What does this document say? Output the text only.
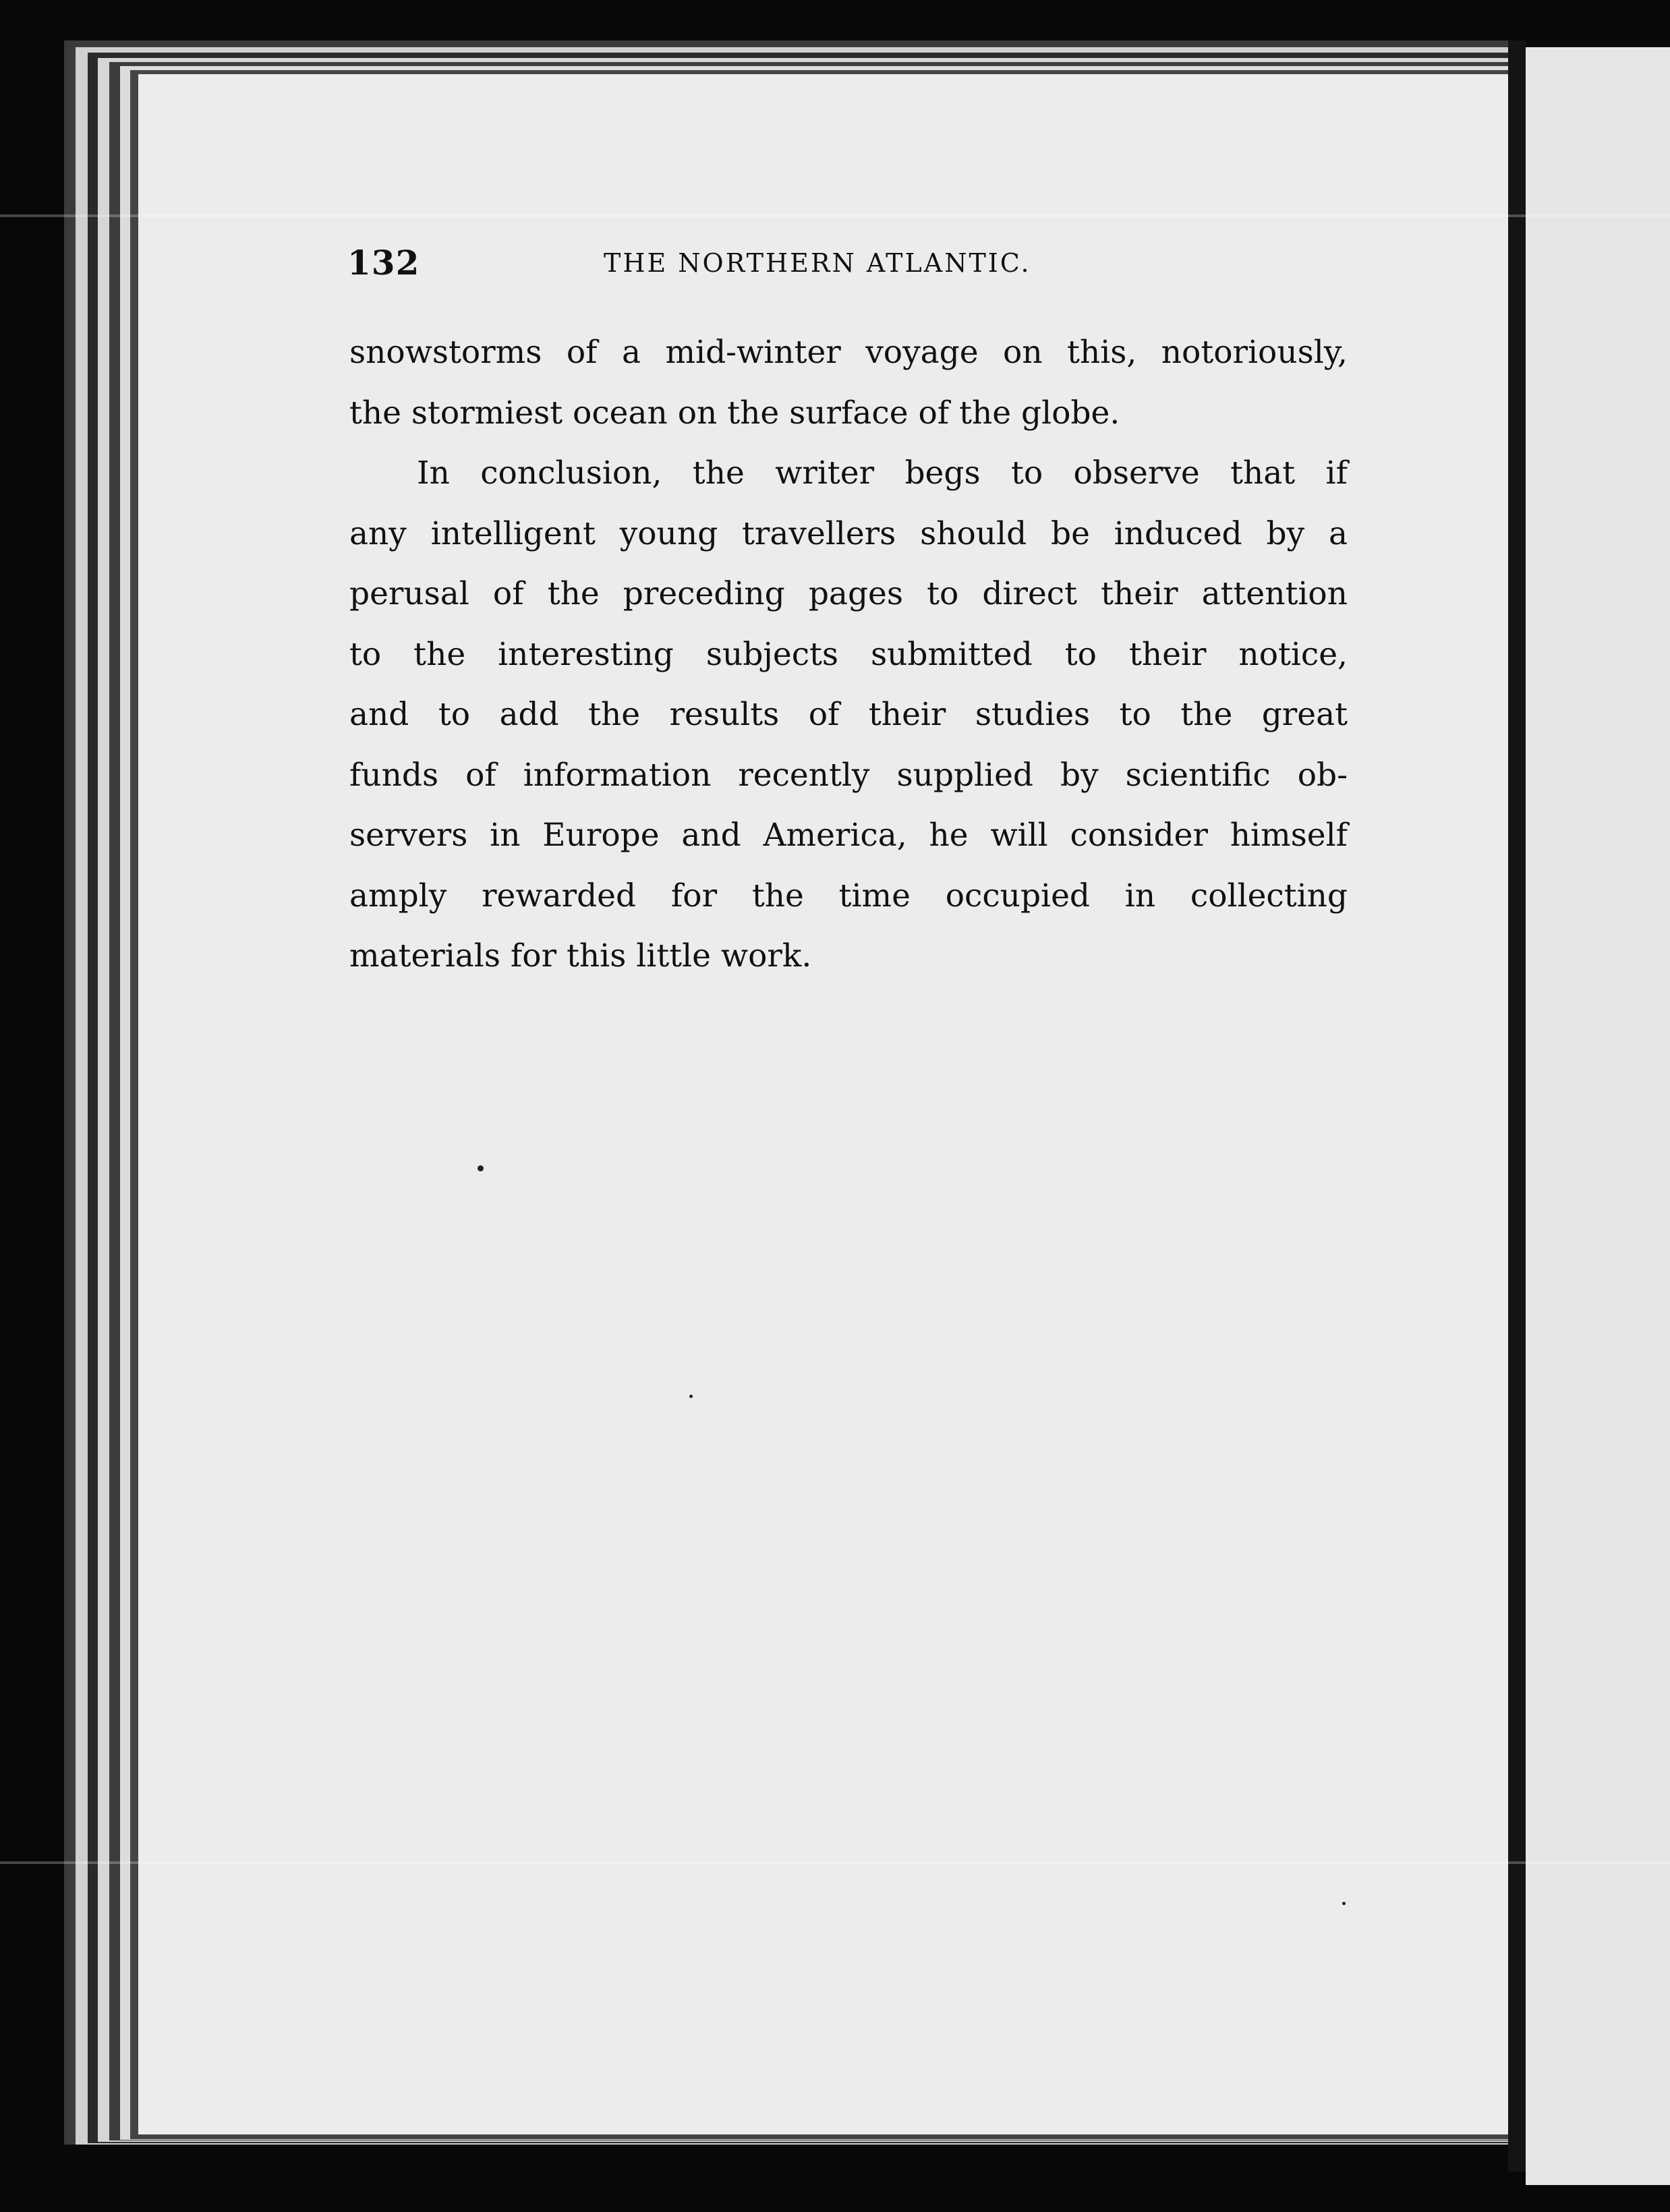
132	THE NORTHERN ATLANTIC.
snowstorms of a mid-winter voyage on this, notoriously,
the stormiest ocean on the surface of the globe.
In conclusion, the writer begs to observe that if
any intelligent young travellers should be induced by a
perusal of the preceding pages to direct their attention
to the interesting subjects submitted to their notice,
and to add the results of their studies to the great
funds of information recently supplied by scientific ob-
servers in Europe and America, he will consider himself
amply rewarded for the time occupied in collecting
materials for this little work.
